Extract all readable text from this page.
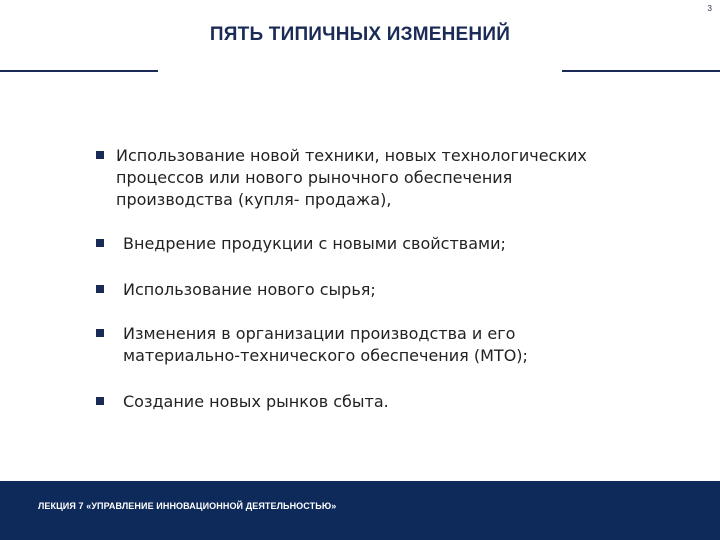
3
ПЯТЬ ТИПИЧНЫХ ИЗМЕНЕНИЙ
Использование новой техники, новых технологических процессов или нового рыночного обеспечения производства (купля- продажа),
Внедрение продукции с новыми свойствами;
Использование нового сырья;
Изменения в организации производства и его материально-технического обеспечения (МТО);
Создание новых рынков сбыта.
ЛЕКЦИЯ 7 «УПРАВЛЕНИЕ ИННОВАЦИОННОЙ ДЕЯТЕЛЬНОСТЬЮ»
